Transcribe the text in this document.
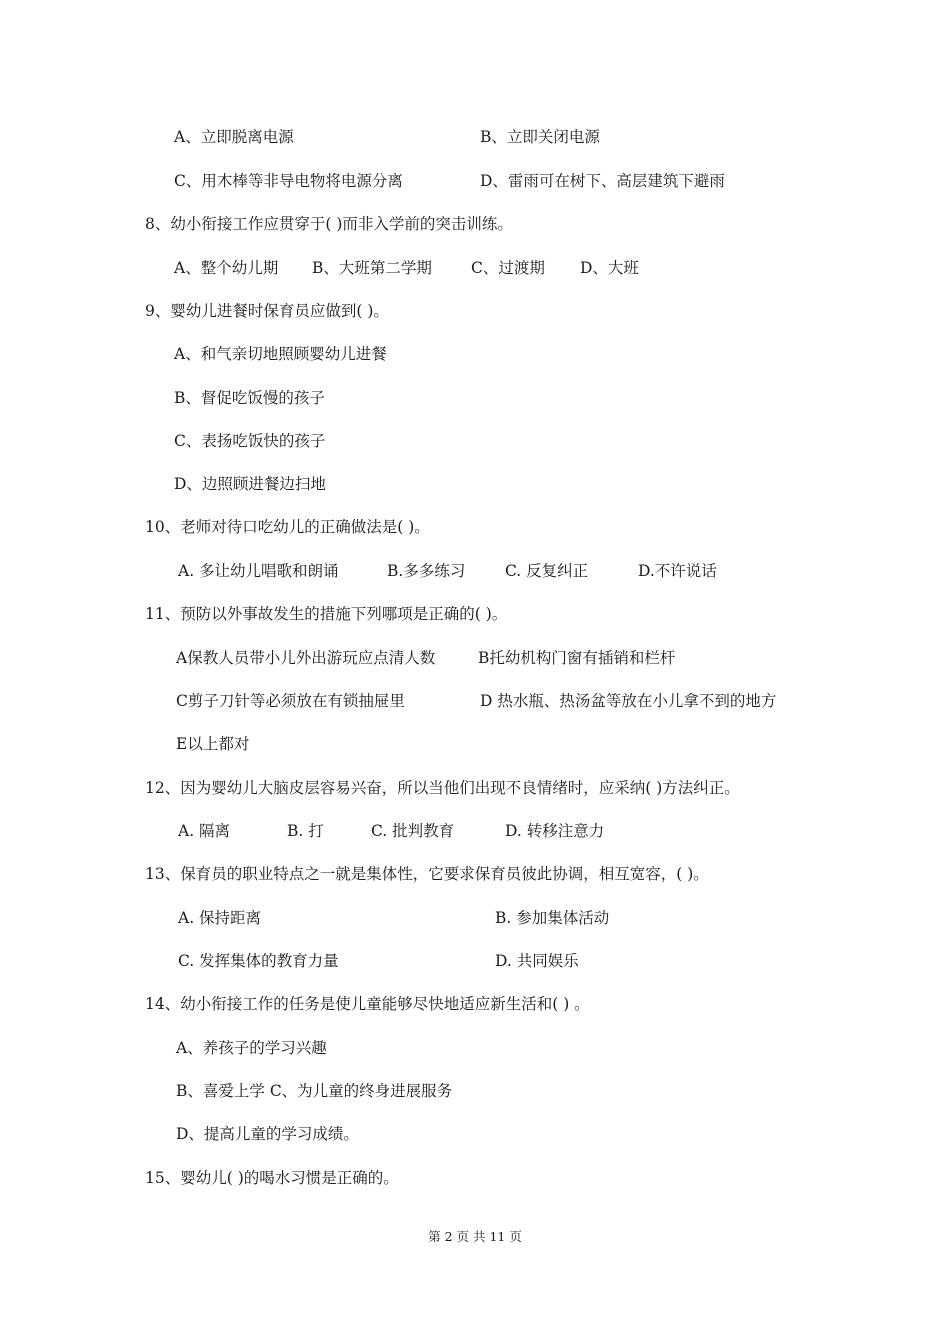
A、立即脱离电源	B、立即关闭电源
C、用木棒等非导电物将电源分离	D、雷雨可在树下、高层建筑下避雨
8、幼小衔接工作应贯穿于( )而非入学前的突击训练。
A、整个幼儿期 B、大班第二学期	C、过渡期 D、大班
9、婴幼儿进餐时保育员应做到( )。
A、和气亲切地照顾婴幼儿进餐
B、督促吃饭慢的孩子
C、表扬吃饭快的孩子
D、边照顾进餐边扫地
10、老师对待口吃幼儿的正确做法是( )。
A. 多让幼儿唱歌和朗诵	B.多多练习	C. 反复纠正	D.不许说话
11、预防以外事故发生的措施下列哪项是正确的( )。
A保教人员带小儿外出游玩应点清人数	B托幼机构门窗有插销和栏杆
C剪子刀针等必须放在有锁抽屉里	D 热水瓶、热汤盆等放在小儿拿不到的地方
E以上都对
12、因为婴幼儿大脑皮层容易兴奋，所以当他们出现不良情绪时，应采纳( )方法纠正。
A. 隔离	B. 打	C. 批判教育	D. 转移注意力
13、保育员的职业特点之一就是集体性，它要求保育员彼此协调，相互宽容，( )。
A. 保持距离	B. 参加集体活动
C. 发挥集体的教育力量	D. 共同娱乐
14、幼小衔接工作的任务是使儿童能够尽快地适应新生活和( ) 。
A、养孩子的学习兴趣
B、喜爱上学 C、为儿童的终身进展服务
D、提高儿童的学习成绩。
15、婴幼儿( )的喝水习惯是正确的。
第 2 页 共 11 页
